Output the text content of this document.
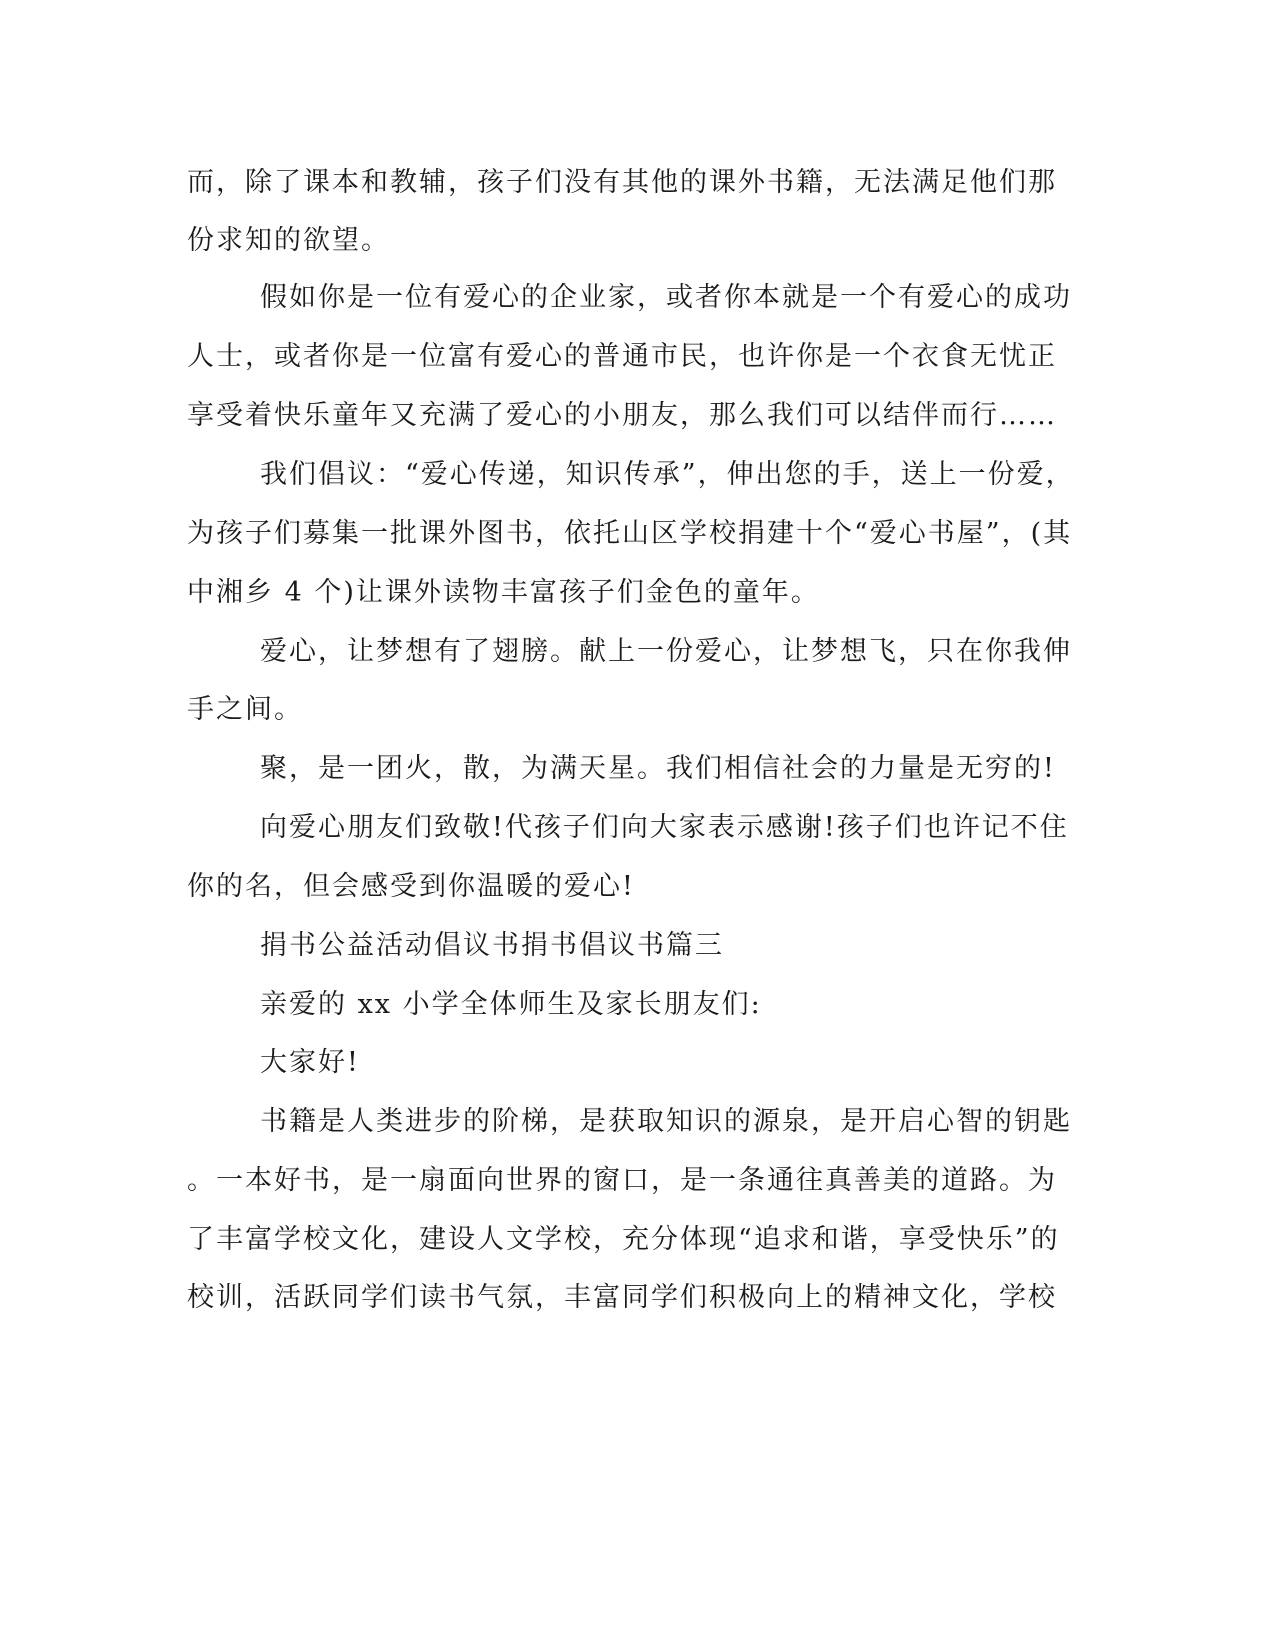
而，除了课本和教辅，孩子们没有其他的课外书籍，无法满足他们那
份求知的欲望。
假如你是一位有爱心的企业家，或者你本就是一个有爱心的成功
人士，或者你是一位富有爱心的普通市民，也许你是一个衣食无忧正
享受着快乐童年又充满了爱心的小朋友，那么我们可以结伴而行……
我们倡议：“爱心传递，知识传承”，伸出您的手，送上一份爱，
为孩子们募集一批课外图书，依托山区学校捐建十个“爱心书屋”，(其
中湘乡 4 个)让课外读物丰富孩子们金色的童年。
爱心，让梦想有了翅膀。献上一份爱心，让梦想飞，只在你我伸
手之间。
聚，是一团火，散，为满天星。我们相信社会的力量是无穷的!
向爱心朋友们致敬!代孩子们向大家表示感谢!孩子们也许记不住
你的名，但会感受到你温暖的爱心!
捐书公益活动倡议书捐书倡议书篇三
亲爱的 xx 小学全体师生及家长朋友们:
大家好!
书籍是人类进步的阶梯，是获取知识的源泉，是开启心智的钥匙
。一本好书，是一扇面向世界的窗口，是一条通往真善美的道路。为
了丰富学校文化，建设人文学校，充分体现“追求和谐，享受快乐”的
校训，活跃同学们读书气氛，丰富同学们积极向上的精神文化，学校
